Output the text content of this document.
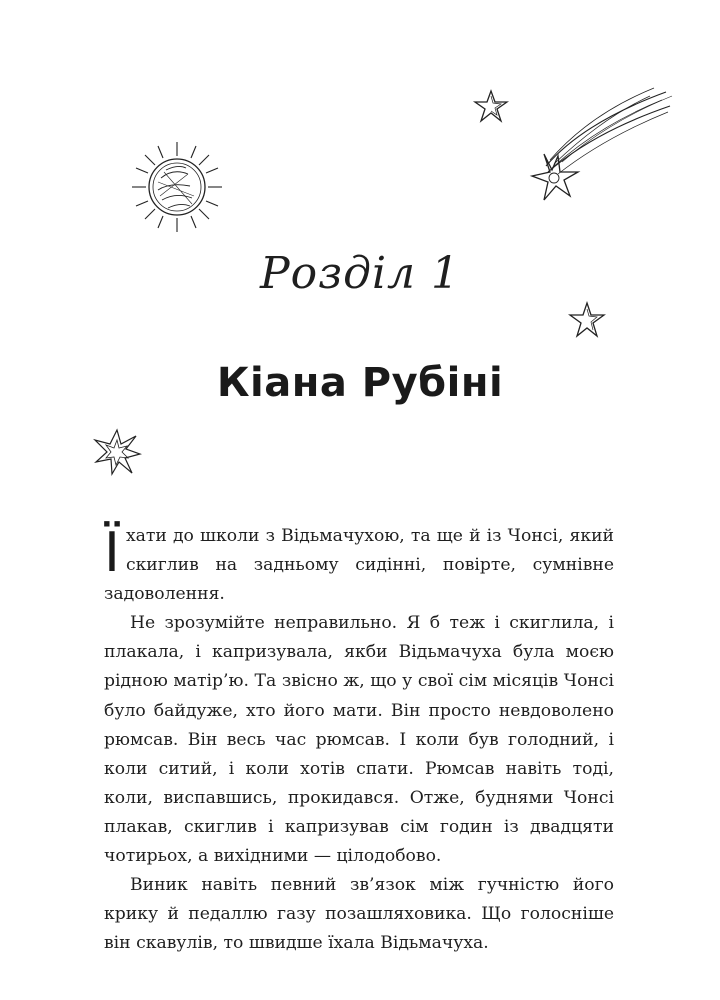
Розділ 1
Кіана Рубіні

Їхати до школи з Відьмачухою, та ще й із Чонсі, який скиглив на задньому сидінні, повірте, сумнівне задоволення.

Не зрозумійте неправильно. Я б теж і скиглила, і плакала, і капризувала, якби Відьмачуха була моєю рідною матір’ю. Та звісно ж, що у свої сім місяців Чонсі було байдуже, хто його мати. Він просто невдоволено рюмсав. Він весь час рюмсав. І коли був голодний, і коли ситий, і коли хотів спати. Рюмсав навіть тоді, коли, виспавшись, прокидався. Отже, буднями Чонсі плакав, скиглив і капризував сім годин із двадцяти чотирьох, а вихідними — цілодобово.

Виник навіть певний зв’язок між гучністю його крику й педаллю газу позашляховика. Що голосніше він скавулів, то швидше їхала Відьмачуха.
